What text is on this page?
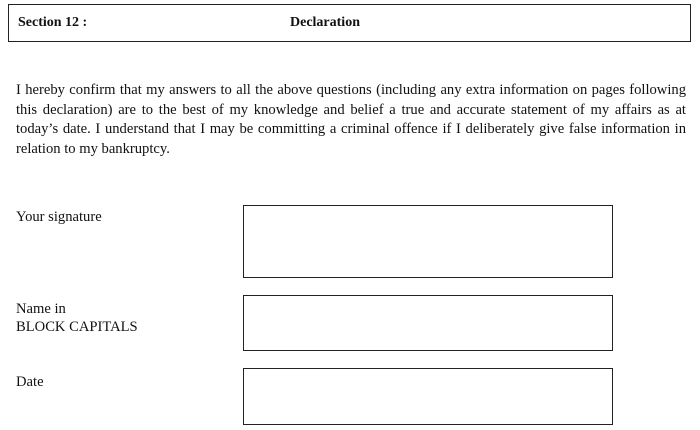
Section 12 :	Declaration

I hereby confirm that my answers to all the above questions (including any extra information on pages following this declaration) are to the best of my knowledge and belief a true and accurate statement of my affairs as at today’s date. I understand that I may be committing a criminal offence if I deliberately give false information in relation to my bankruptcy.

Your signature
Name in
BLOCK CAPITALS
Date
